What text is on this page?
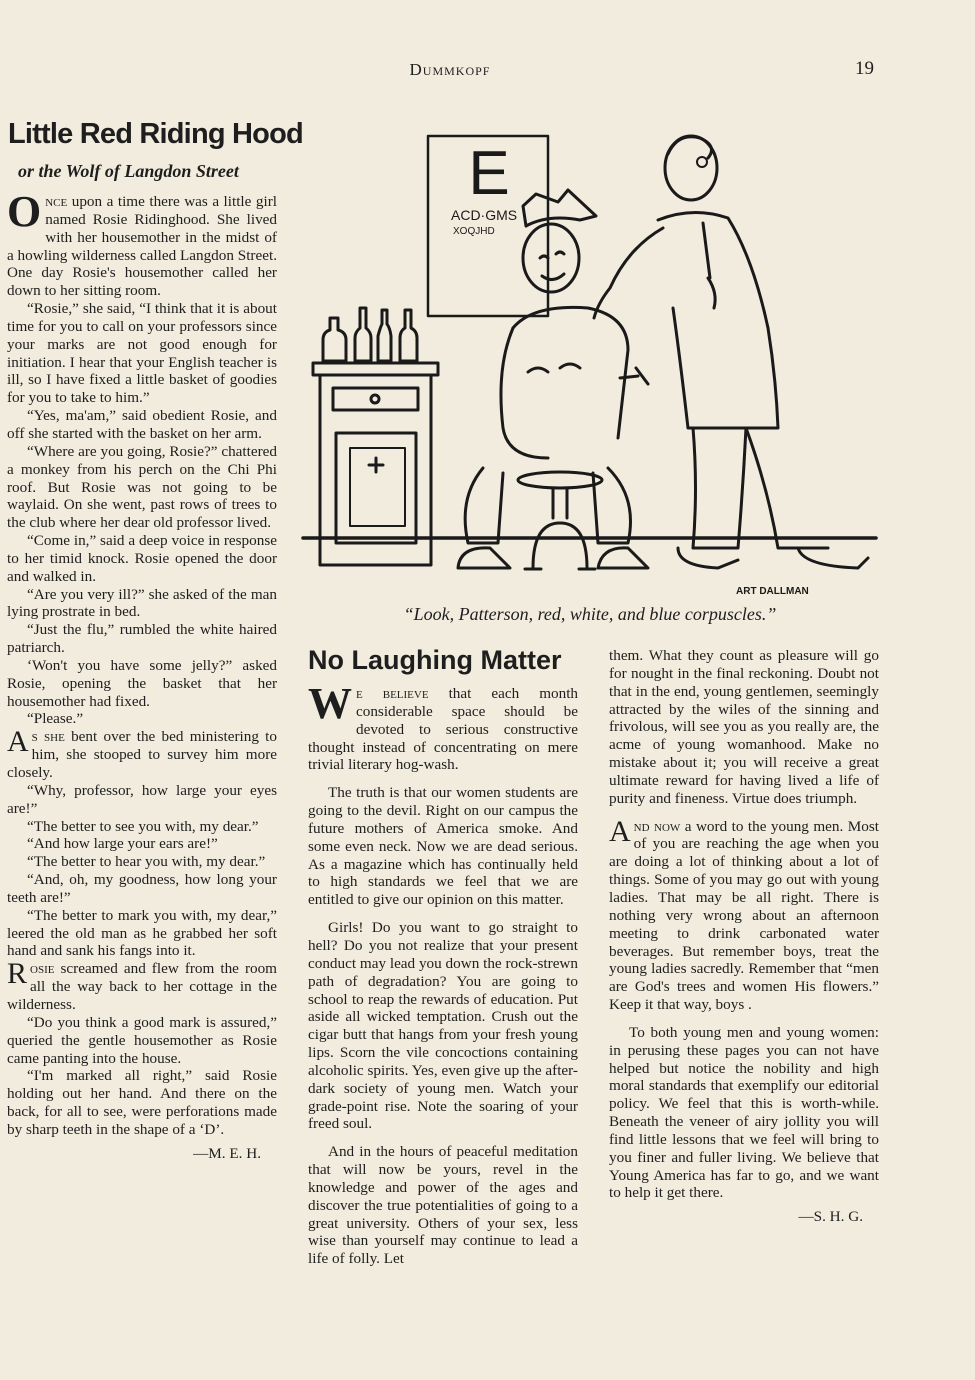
Dummkopf	19
Little Red Riding Hood
or the Wolf of Langdon Street

Once upon a time there was a little girl named Rosie Ridinghood. She lived with her housemother in the midst of a howling wilderness called Langdon Street. One day Rosie's housemother called her down to her sitting room.

“Rosie,” she said, “I think that it is about time for you to call on your professors since your marks are not good enough for initiation. I hear that your English teacher is ill, so I have fixed a little basket of goodies for you to take to him.”

“Yes, ma'am,” said obedient Rosie, and off she started with the basket on her arm.

“Where are you going, Rosie?” chattered a monkey from his perch on the Chi Phi roof. But Rosie was not going to be waylaid. On she went, past rows of trees to the club where her dear old professor lived.

“Come in,” said a deep voice in response to her timid knock. Rosie opened the door and walked in.

“Are you very ill?” she asked of the man lying prostrate in bed.

“Just the flu,” rumbled the white haired patriarch.

‘Won't you have some jelly?” asked Rosie, opening the basket that her housemother had fixed.

“Please.”

As she bent over the bed ministering to him, she stooped to survey him more closely.

“Why, professor, how large your eyes are!”

“The better to see you with, my dear.”

“And how large your ears are!”

“The better to hear you with, my dear.”

“And, oh, my goodness, how long your teeth are!”

“The better to mark you with, my dear,” leered the old man as he grabbed her soft hand and sank his fangs into it.

Rosie screamed and flew from the room all the way back to her cottage in the wilderness.

“Do you think a good mark is assured,” queried the gentle housemother as Rosie came panting into the house.

“I'm marked all right,” said Rosie holding out her hand. And there on the back, for all to see, were perforations made by sharp teeth in the shape of a ‘D’.

—M. E. H.
E
ACD·GMS
XOQJHD
ART DALLMAN
“Look, Patterson, red, white, and blue corpuscles.”
No Laughing Matter

We believe that each month considerable space should be devoted to serious constructive thought instead of concentrating on mere trivial literary hog-wash.

The truth is that our women students are going to the devil. Right on our campus the future mothers of America smoke. And some even neck. Now we are dead serious. As a magazine which has continually held to high standards we feel that we are entitled to give our opinion on this matter.

Girls! Do you want to go straight to hell? Do you not realize that your present conduct may lead you down the rock-strewn path of degradation? You are going to school to reap the rewards of education. Put aside all wicked temptation. Crush out the cigar butt that hangs from your fresh young lips. Scorn the vile concoctions containing alcoholic spirits. Yes, even give up the after-dark society of young men. Watch your grade-point rise. Note the soaring of your freed soul.

And in the hours of peaceful meditation that will now be yours, revel in the knowledge and power of the ages and discover the true potentialities of going to a great university. Others of your sex, less wise than yourself may continue to lead a life of folly. Let

them. What they count as pleasure will go for nought in the final reckoning. Doubt not that in the end, young gentlemen, seemingly attracted by the wiles of the sinning and frivolous, will see you as you really are, the acme of young womanhood. Make no mistake about it; you will receive a great ultimate reward for having lived a life of purity and fineness. Virtue does triumph.

And now a word to the young men. Most of you are reaching the age when you are doing a lot of thinking about a lot of things. Some of you may go out with young ladies. That may be all right. There is nothing very wrong about an afternoon meeting to drink carbonated water beverages. But remember boys, treat the young ladies sacredly. Remember that “men are God's trees and women His flowers.” Keep it that way, boys .

To both young men and young women: in perusing these pages you can not have helped but notice the nobility and high moral standards that exemplify our editorial policy. We feel that this is worth-while. Beneath the veneer of airy jollity you will find little lessons that we feel will bring to you finer and fuller living. We believe that Young America has far to go, and we want to help it get there.

—S. H. G.
